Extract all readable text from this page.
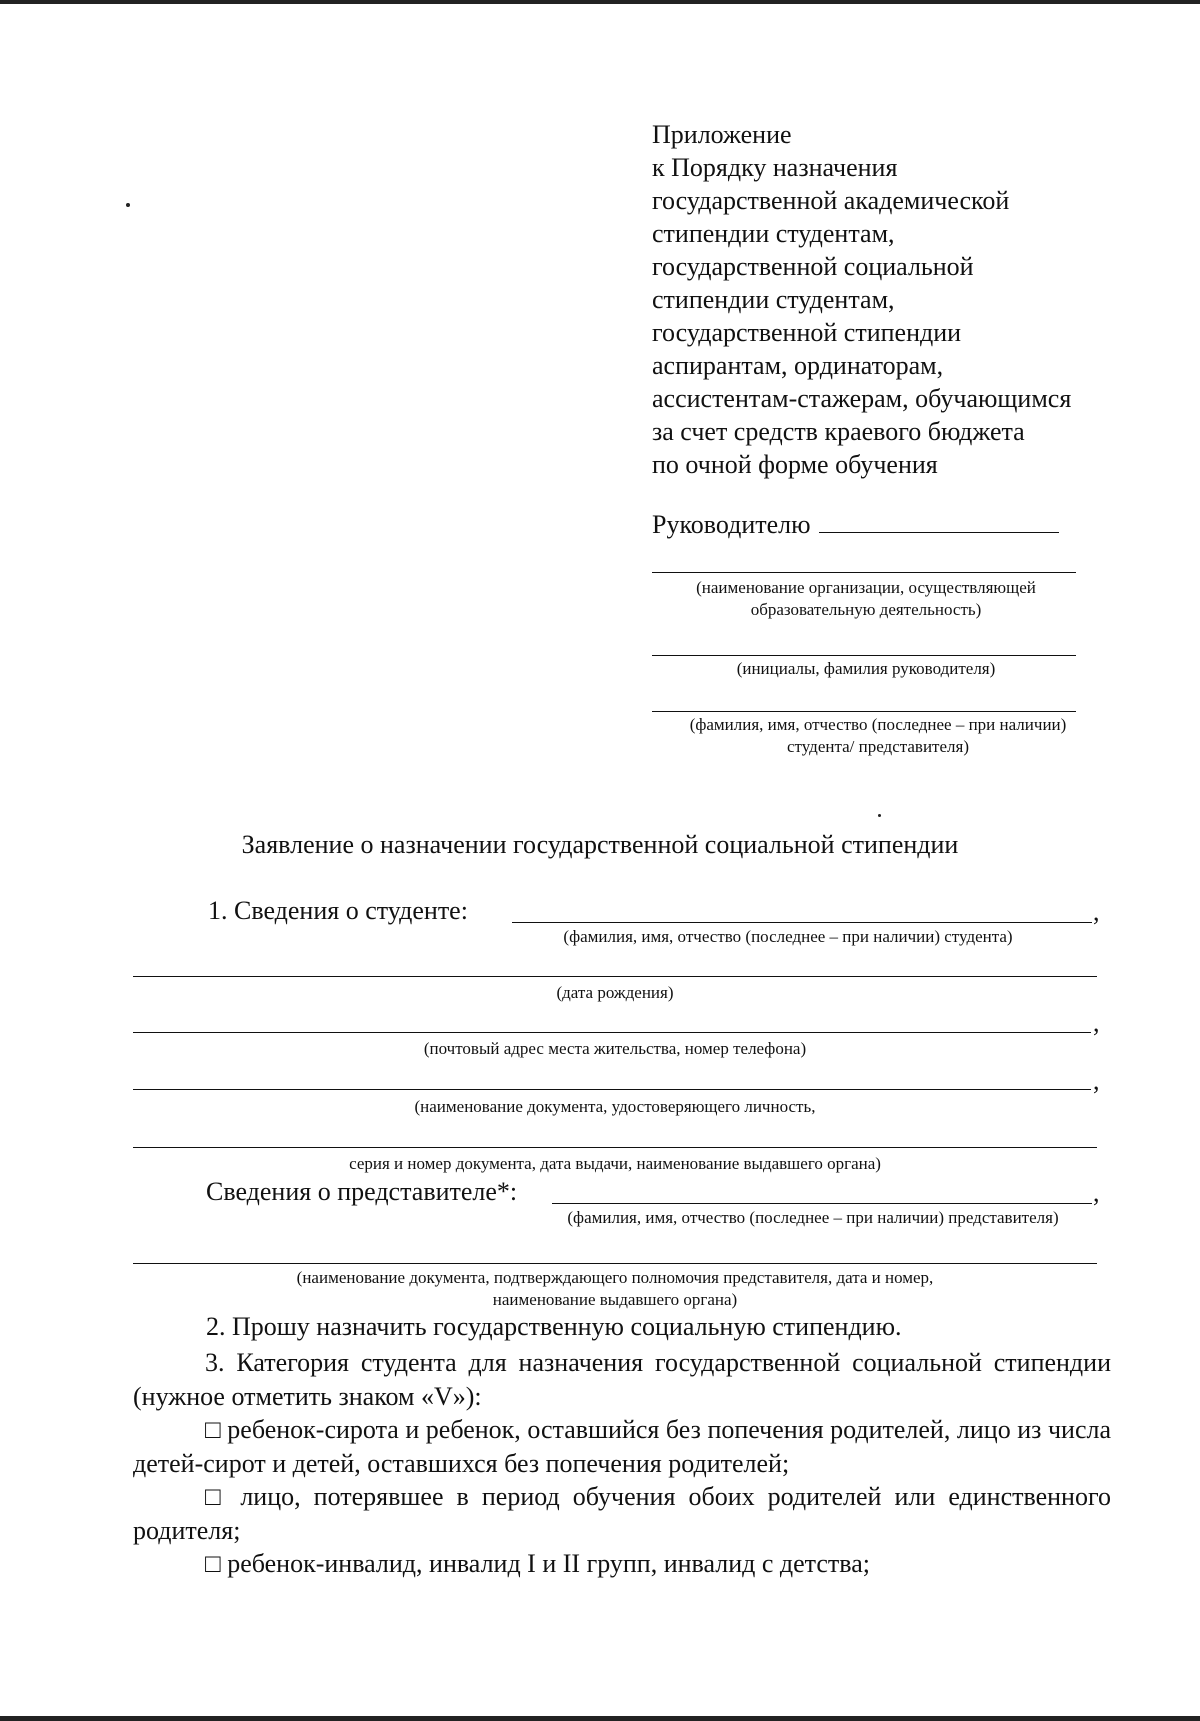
Приложение
к Порядку назначения
государственной академической
стипендии студентам,
государственной социальной
стипендии студентам,
государственной стипендии
аспирантам, ординаторам,
ассистентам-стажерам, обучающимся
за счет средств краевого бюджета
по очной форме обучения
Руководителю
(наименование организации, осуществляющей
образовательную деятельность)
(инициалы, фамилия руководителя)
(фамилия, имя, отчество (последнее – при наличии)
студента/ представителя)
Заявление о назначении государственной социальной стипендии
1. Сведения о студенте:	,
(фамилия, имя, отчество (последнее – при наличии) студента)
(дата рождения)
,
(почтовый адрес места жительства, номер телефона)
,
(наименование документа, удостоверяющего личность,
серия и номер документа, дата выдачи, наименование выдавшего органа)
Сведения о представителе*:	,
(фамилия, имя, отчество (последнее – при наличии) представителя)
(наименование документа, подтверждающего полномочия представителя, дата и номер,
наименование выдавшего органа)
2. Прошу назначить государственную социальную стипендию.
3. Категория студента для назначения государственной социальной стипендии (нужное отметить знаком «V»):
□ ребенок-сирота и ребенок, оставшийся без попечения родителей, лицо из числа детей-сирот и детей, оставшихся без попечения родителей;
□ лицо, потерявшее в период обучения обоих родителей или единственного родителя;
□ ребенок-инвалид, инвалид I и II групп, инвалид с детства;
